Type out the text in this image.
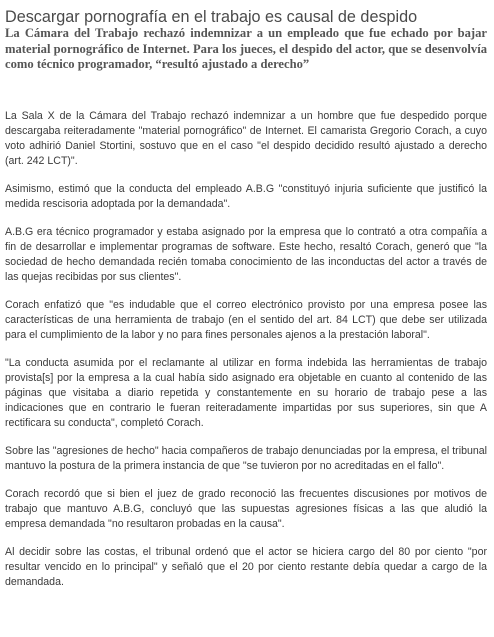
Descargar pornografía en el trabajo es causal de despido

La Cámara del Trabajo rechazó indemnizar a un empleado que fue echado por bajar material pornográfico de Internet. Para los jueces, el despido del actor, que se desenvolvía como técnico programador, “resultó ajustado a derecho”

La Sala X de la Cámara del Trabajo rechazó indemnizar a un hombre que fue despedido porque descargaba reiteradamente "material pornográfico" de Internet. El camarista Gregorio Corach, a cuyo voto adhirió Daniel Stortini, sostuvo que en el caso "el despido decidido resultó ajustado a derecho (art. 242 LCT)".

Asimismo, estimó que la conducta del empleado A.B.G "constituyó injuria suficiente que justificó la medida rescisoria adoptada por la demandada".

A.B.G era técnico programador y estaba asignado por la empresa que lo contrató a otra compañía a fin de desarrollar e implementar programas de software. Este hecho, resaltó Corach, generó que "la sociedad de hecho demandada recién tomaba conocimiento de las inconductas del actor a través de las quejas recibidas por sus clientes".

Corach enfatizó que "es indudable que el correo electrónico provisto por una empresa posee las características de una herramienta de trabajo (en el sentido del art. 84 LCT) que debe ser utilizada para el cumplimiento de la labor y no para fines personales ajenos a la prestación laboral".

"La conducta asumida por el reclamante al utilizar en forma indebida las herramientas de trabajo provista[s] por la empresa a la cual había sido asignado era objetable en cuanto al contenido de las páginas que visitaba a diario repetida y constantemente en su horario de trabajo pese a las indicaciones que en contrario le fueran reiteradamente impartidas por sus superiores, sin que A rectificara su conducta", completó Corach.

Sobre las "agresiones de hecho" hacia compañeros de trabajo denunciadas por la empresa, el tribunal mantuvo la postura de la primera instancia de que "se tuvieron por no acreditadas en el fallo".

Corach recordó que si bien el juez de grado reconoció las frecuentes discusiones por motivos de trabajo que mantuvo A.B.G, concluyó que las supuestas agresiones físicas a las que aludió la empresa demandada "no resultaron probadas en la causa".

Al decidir sobre las costas, el tribunal ordenó que el actor se hiciera cargo del 80 por ciento "por resultar vencido en lo principal" y señaló que el 20 por ciento restante debía quedar a cargo de la demandada.
